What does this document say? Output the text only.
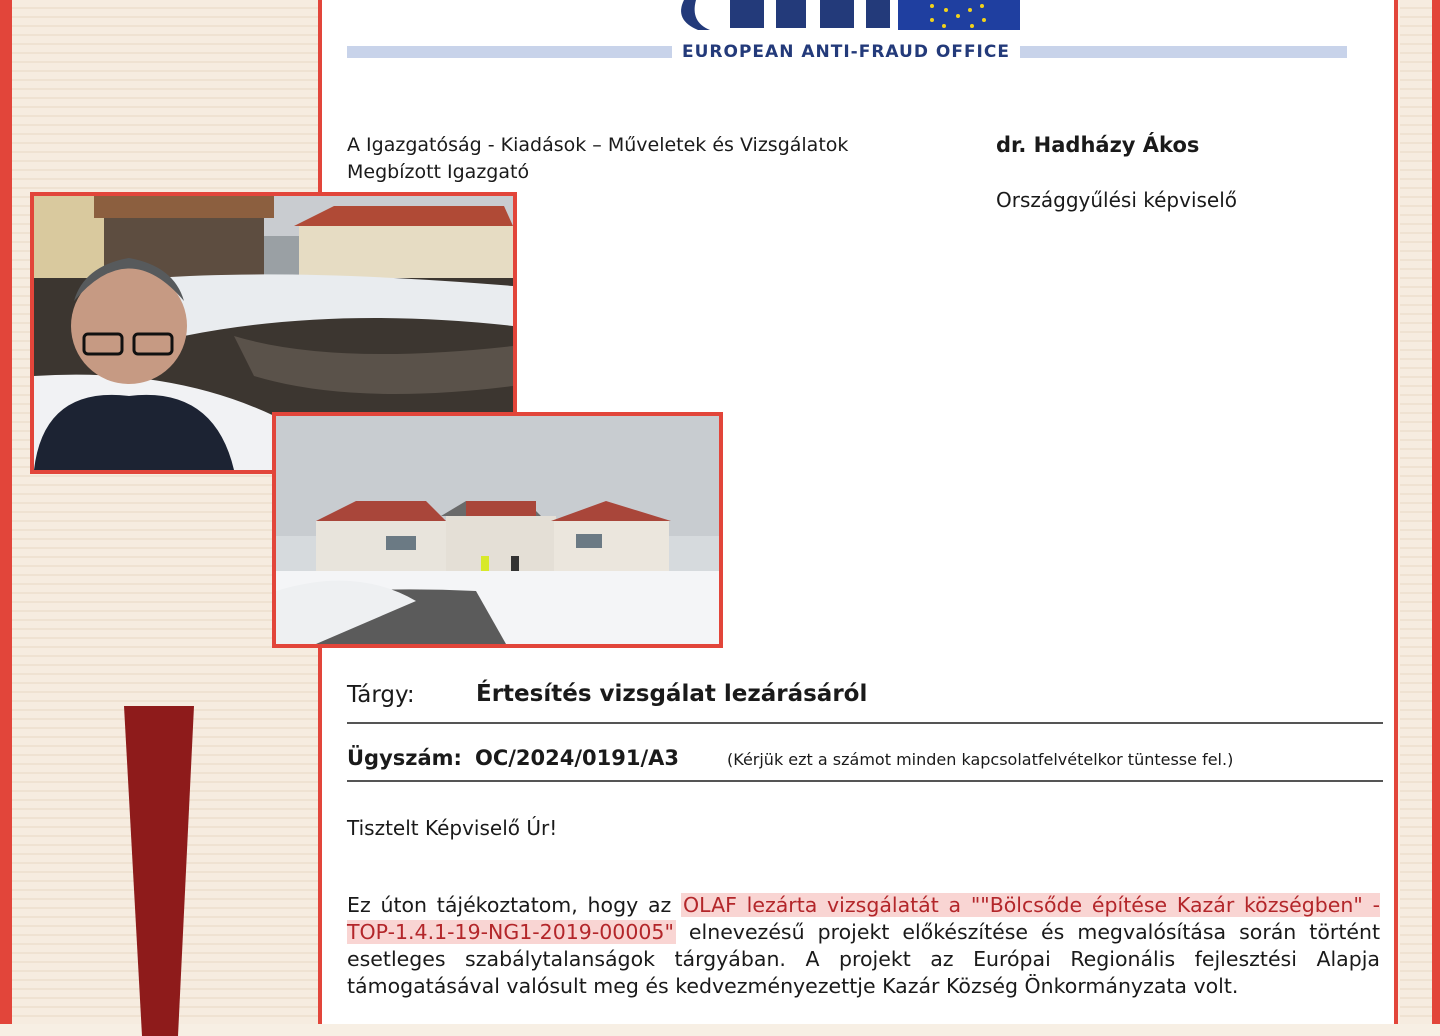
EUROPEAN ANTI-FRAUD OFFICE
A Igazgatóság - Kiadások – Műveletek és Vizsgálatok
Megbízott Igazgató
dr. Hadházy Ákos
Országgyűlési képviselő
Tárgy:	Értesítés vizsgálat lezárásáról
Ügyszám: OC/2024/0191/A3	(Kérjük ezt a számot minden kapcsolatfelvételkor tüntesse fel.)
Tisztelt Képviselő Úr!
Ez úton tájékoztatom, hogy az OLAF lezárta vizsgálatát a ""Bölcsőde építése Kazár községben" - TOP-1.4.1-19-NG1-2019-00005" elnevezésű projekt előkészítése és megvalósítása során történt esetleges szabálytalanságok tárgyában. A projekt az Európai Regionális fejlesztési Alapja támogatásával valósult meg és kedvezményezettje Kazár Község Önkormányzata volt.
